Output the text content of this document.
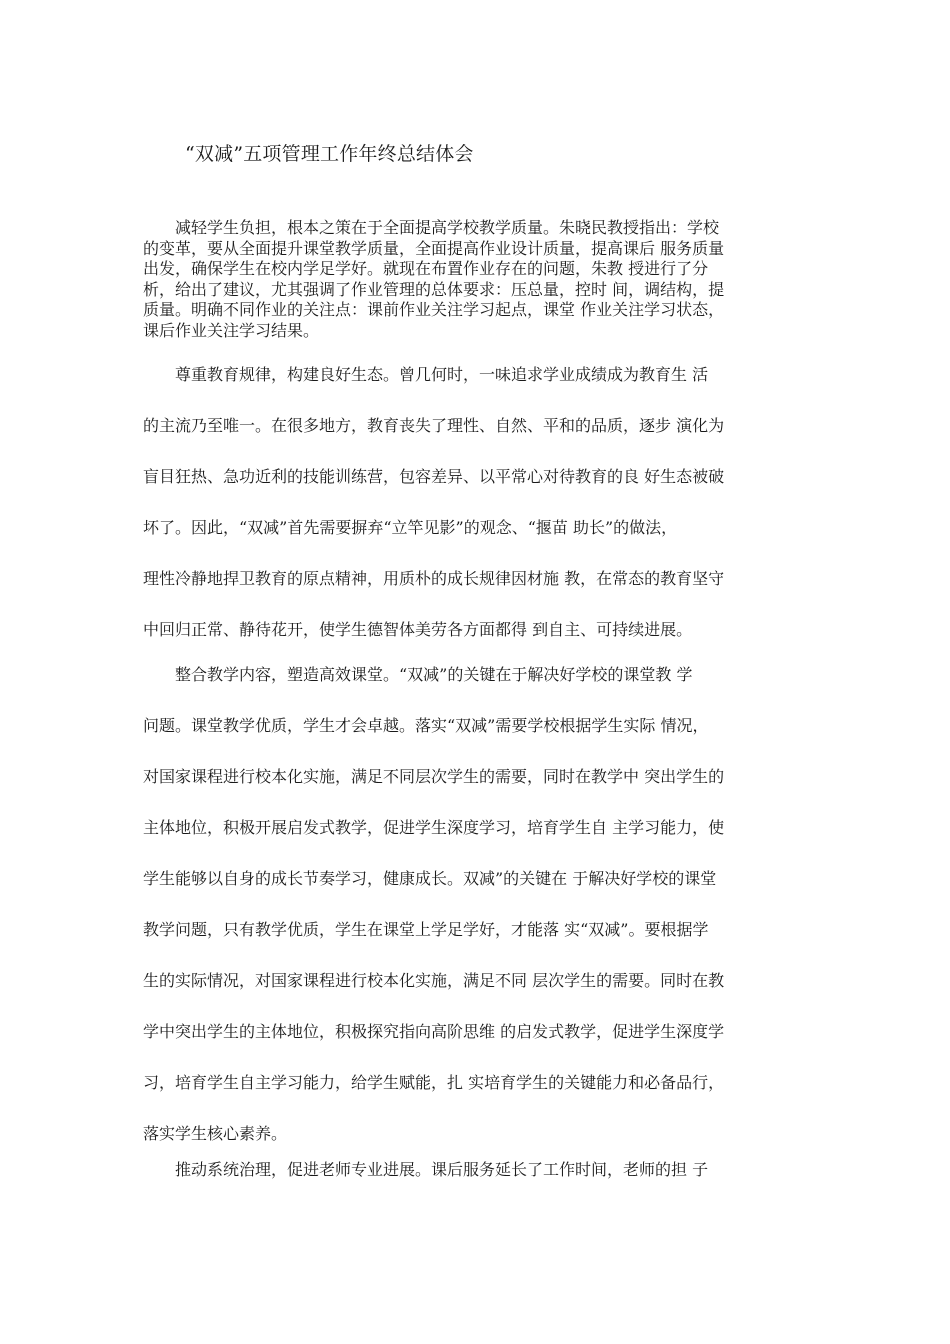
“双减”五项管理工作年终总结体会
　　减轻学生负担，根本之策在于全面提高学校教学质量。朱晓民教授指出：学校
的变革，要从全面提升课堂教学质量，全面提高作业设计质量，提高课后 服务质量
出发，确保学生在校内学足学好。就现在布置作业存在的问题，朱教 授进行了分
析，给出了建议，尤其强调了作业管理的总体要求：压总量，控时 间，调结构，提
质量。明确不同作业的关注点：课前作业关注学习起点，课堂 作业关注学习状态，
课后作业关注学习结果。
　　尊重教育规律，构建良好生态。曾几何时，一味追求学业成绩成为教育生 活
的主流乃至唯一。在很多地方，教育丧失了理性、自然、平和的品质，逐步 演化为
盲目狂热、急功近利的技能训练营，包容差异、以平常心对待教育的良 好生态被破
坏了。因此，“双减”首先需要摒弃“立竿见影”的观念、“揠苗 助长”的做法，
理性冷静地捍卫教育的原点精神，用质朴的成长规律因材施 教，在常态的教育坚守
中回归正常、静待花开，使学生德智体美劳各方面都得 到自主、可持续进展。
　　整合教学内容，塑造高效课堂。“双减”的关键在于解决好学校的课堂教 学
问题。课堂教学优质，学生才会卓越。落实“双减”需要学校根据学生实际 情况，
对国家课程进行校本化实施，满足不同层次学生的需要，同时在教学中 突出学生的
主体地位，积极开展启发式教学，促进学生深度学习，培育学生自 主学习能力，使
学生能够以自身的成长节奏学习，健康成长。双减”的关键在 于解决好学校的课堂
教学问题，只有教学优质，学生在课堂上学足学好，才能落 实“双减”。要根据学
生的实际情况，对国家课程进行校本化实施，满足不同 层次学生的需要。同时在教
学中突出学生的主体地位，积极探究指向高阶思维 的启发式教学，促进学生深度学
习，培育学生自主学习能力，给学生赋能，扎 实培育学生的关键能力和必备品行，
落实学生核心素养。
　　推动系统治理，促进老师专业进展。课后服务延长了工作时间，老师的担 子
